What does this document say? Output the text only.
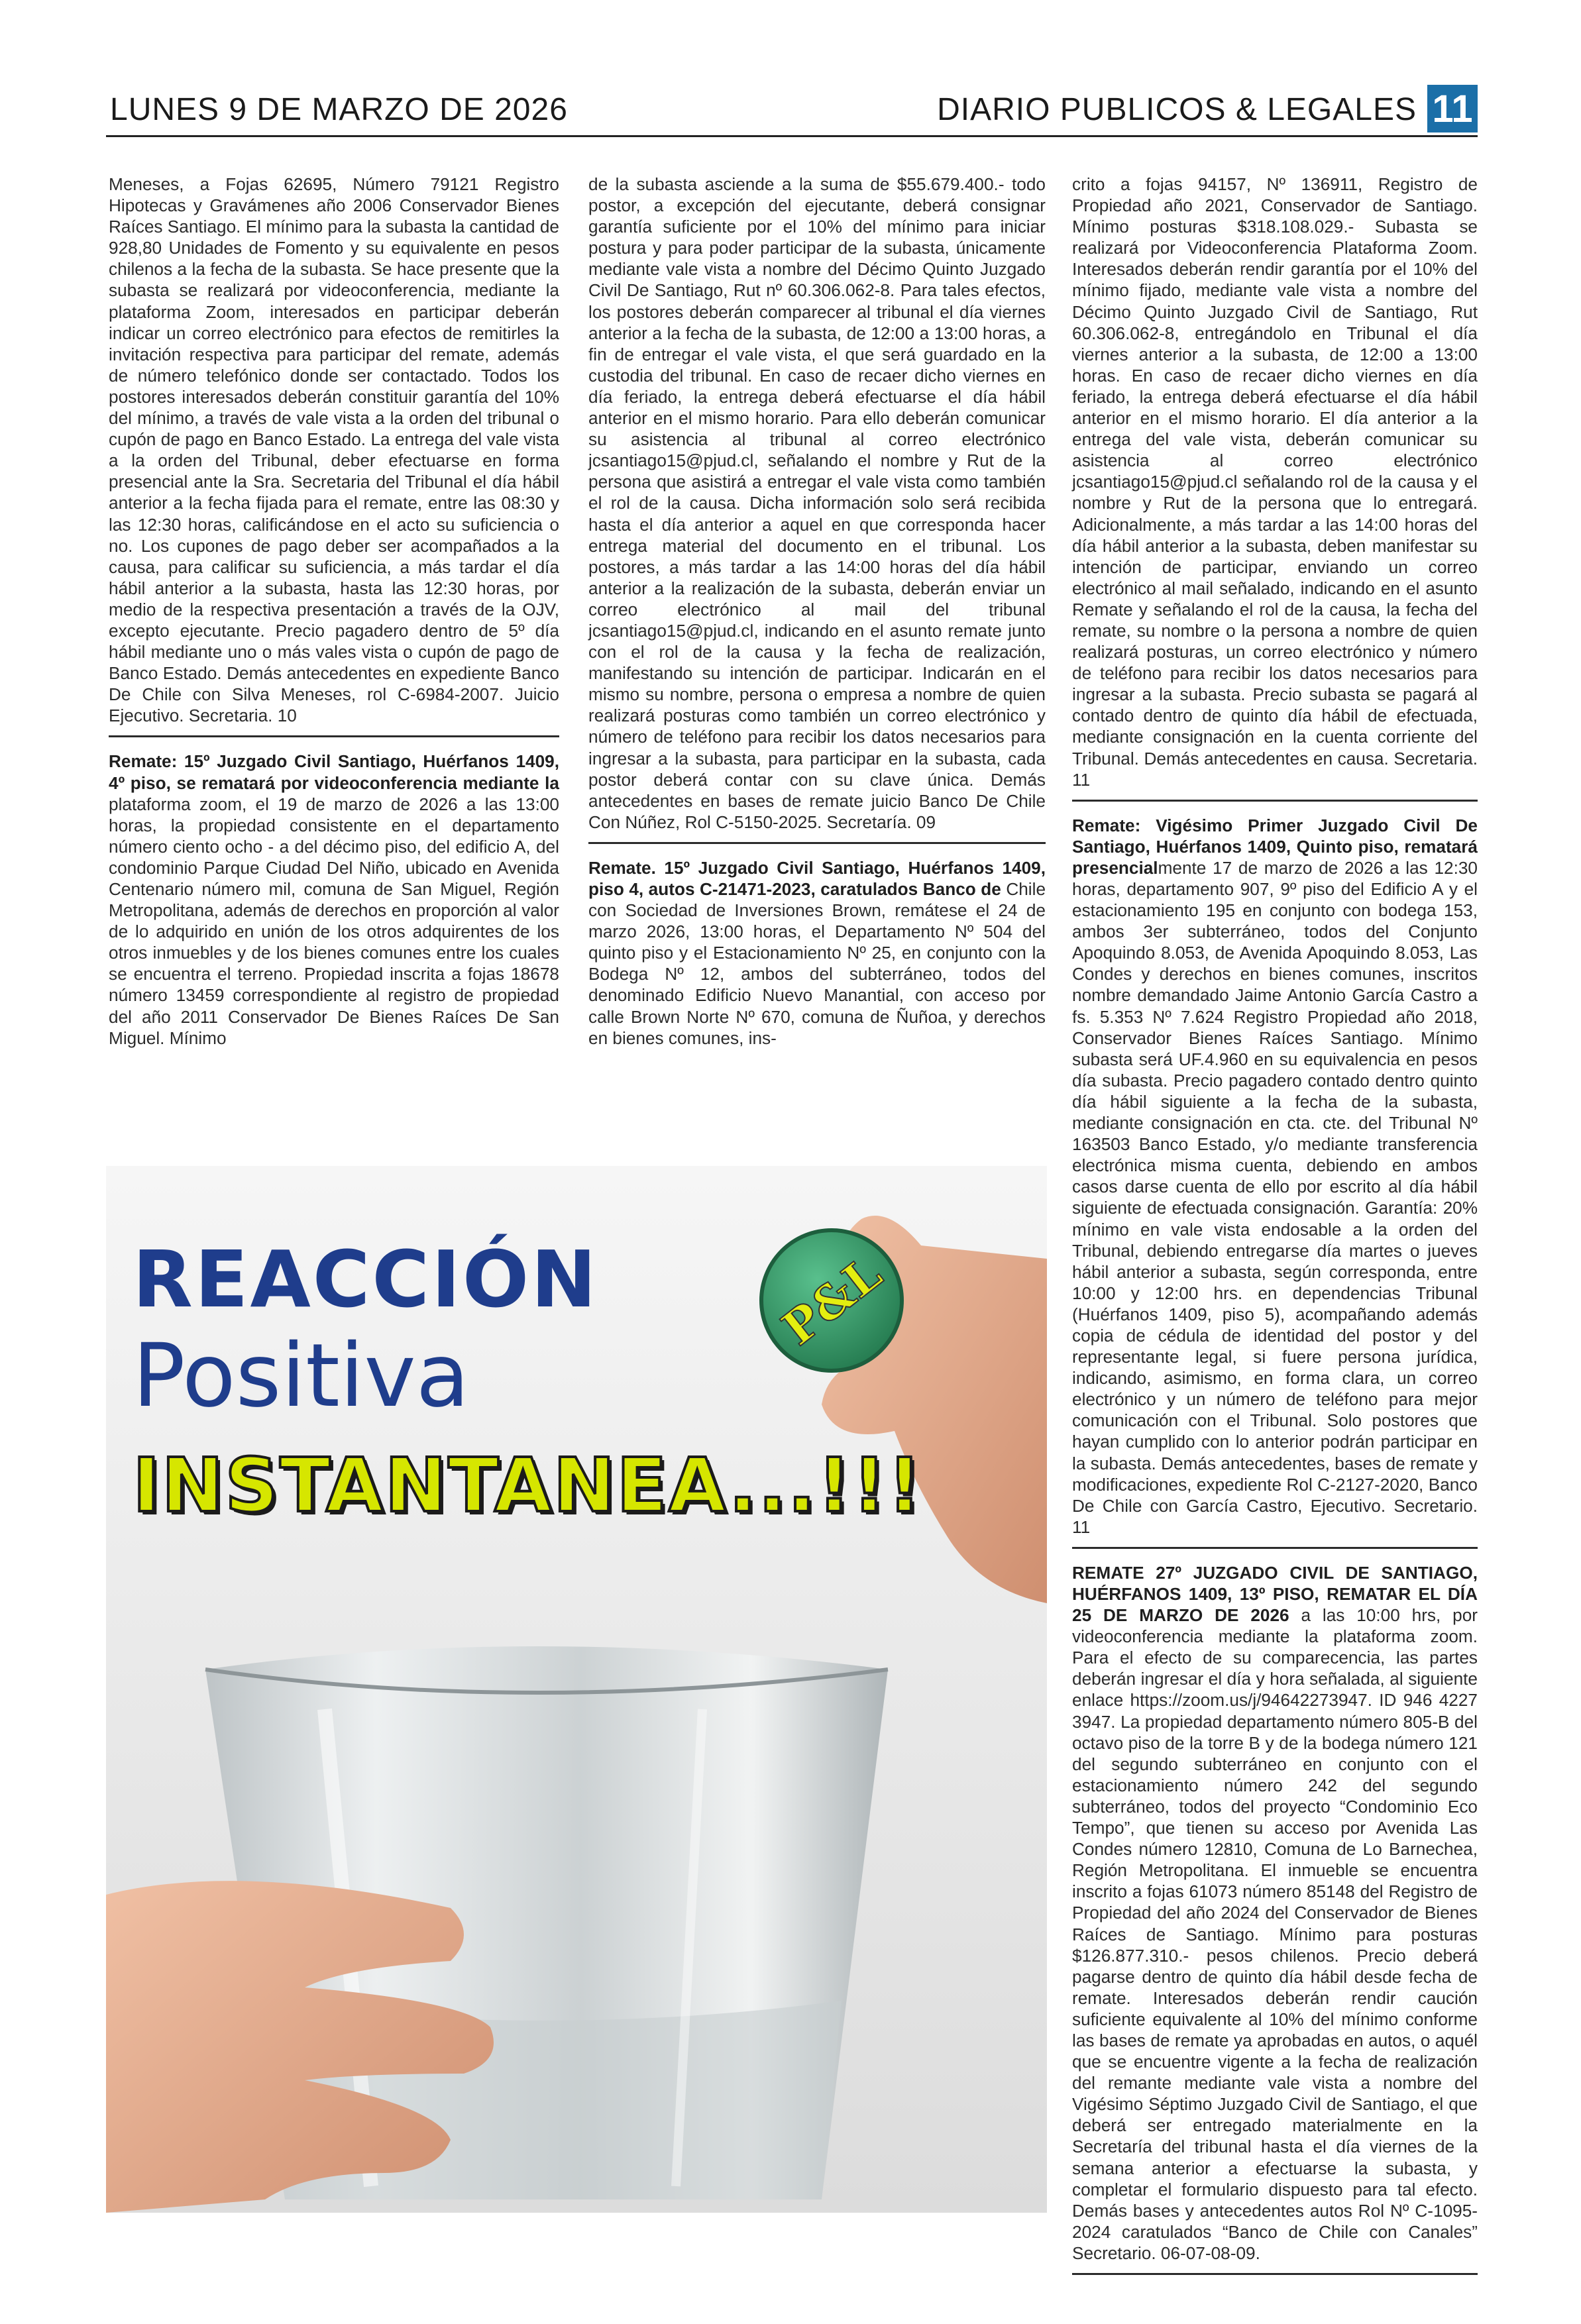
LUNES 9 DE MARZO DE 2026	DIARIO PUBLICOS & LEGALES 11

Meneses, a Fojas 62695, Número 79121 Registro Hipotecas y Gravámenes año 2006 Conservador Bienes Raíces Santiago. El mínimo para la subasta la cantidad de 928,80 Unidades de Fomento y su equivalente en pesos chilenos a la fecha de la subasta. Se hace presente que la subasta se realizará por videoconferencia, mediante la plataforma Zoom, interesados en participar deberán indicar un correo electrónico para efectos de remitirles la invitación respectiva para participar del remate, además de número telefónico donde ser contactado. Todos los postores interesados deberán constituir garantía del 10% del mínimo, a través de vale vista a la orden del tribunal o cupón de pago en Banco Estado. La entrega del vale vista a la orden del Tribunal, deber efectuarse en forma presencial ante la Sra. Secretaria del Tribunal el día hábil anterior a la fecha fijada para el remate, entre las 08:30 y las 12:30 horas, calificándose en el acto su suficiencia o no. Los cupones de pago deber ser acompañados a la causa, para calificar su suficiencia, a más tardar el día hábil anterior a la subasta, hasta las 12:30 horas, por medio de la respectiva presentación a través de la OJV, excepto ejecutante. Precio pagadero dentro de 5º día hábil mediante uno o más vales vista o cupón de pago de Banco Estado. Demás antecedentes en expediente Banco De Chile con Silva Meneses, rol C-6984-2007. Juicio Ejecutivo. Secretaria. 10

Remate: 15º Juzgado Civil Santiago, Huérfanos 1409, 4º piso, se rematará por videoconferencia mediante la plataforma zoom, el 19 de marzo de 2026 a las 13:00 horas, la propiedad consistente en el departamento número ciento ocho - a del décimo piso, del edificio A, del condominio Parque Ciudad Del Niño, ubicado en Avenida Centenario número mil, comuna de San Miguel, Región Metropolitana, además de derechos en proporción al valor de lo adquirido en unión de los otros adquirentes de los otros inmuebles y de los bienes comunes entre los cuales se encuentra el terreno. Propiedad inscrita a fojas 18678 número 13459 correspondiente al registro de propiedad del año 2011 Conservador De Bienes Raíces De San Miguel. Mínimo

de la subasta asciende a la suma de $55.679.400.- todo postor, a excepción del ejecutante, deberá consignar garantía suficiente por el 10% del mínimo para iniciar postura y para poder participar de la subasta, únicamente mediante vale vista a nombre del Décimo Quinto Juzgado Civil De Santiago, Rut nº 60.306.062-8. Para tales efectos, los postores deberán comparecer al tribunal el día viernes anterior a la fecha de la subasta, de 12:00 a 13:00 horas, a fin de entregar el vale vista, el que será guardado en la custodia del tribunal. En caso de recaer dicho viernes en día feriado, la entrega deberá efectuarse el día hábil anterior en el mismo horario. Para ello deberán comunicar su asistencia al tribunal al correo electrónico jcsantiago15@pjud.cl, señalando el nombre y Rut de la persona que asistirá a entregar el vale vista como también el rol de la causa. Dicha información solo será recibida hasta el día anterior a aquel en que corresponda hacer entrega material del documento en el tribunal. Los postores, a más tardar a las 14:00 horas del día hábil anterior a la realización de la subasta, deberán enviar un correo electrónico al mail del tribunal jcsantiago15@pjud.cl, indicando en el asunto remate junto con el rol de la causa y la fecha de realización, manifestando su intención de participar. Indicarán en el mismo su nombre, persona o empresa a nombre de quien realizará posturas como también un correo electrónico y número de teléfono para recibir los datos necesarios para ingresar a la subasta, para participar en la subasta, cada postor deberá contar con su clave única. Demás antecedentes en bases de remate juicio Banco De Chile Con Núñez, Rol C-5150-2025. Secretaría. 09

Remate. 15º Juzgado Civil Santiago, Huérfanos 1409, piso 4, autos C-21471-2023, caratulados Banco de Chile con Sociedad de Inversiones Brown, remátese el 24 de marzo 2026, 13:00 horas, el Departamento Nº 504 del quinto piso y el Estacionamiento Nº 25, en conjunto con la Bodega Nº 12, ambos del subterráneo, todos del denominado Edificio Nuevo Manantial, con acceso por calle Brown Norte Nº 670, comuna de Ñuñoa, y derechos en bienes comunes, ins-

crito a fojas 94157, Nº 136911, Registro de Propiedad año 2021, Conservador de Santiago. Mínimo posturas $318.108.029.- Subasta se realizará por Videoconferencia Plataforma Zoom. Interesados deberán rendir garantía por el 10% del mínimo fijado, mediante vale vista a nombre del Décimo Quinto Juzgado Civil de Santiago, Rut 60.306.062-8, entregándolo en Tribunal el día viernes anterior a la subasta, de 12:00 a 13:00 horas. En caso de recaer dicho viernes en día feriado, la entrega deberá efectuarse el día hábil anterior en el mismo horario. El día anterior a la entrega del vale vista, deberán comunicar su asistencia al correo electrónico jcsantiago15@pjud.cl señalando rol de la causa y el nombre y Rut de la persona que lo entregará. Adicionalmente, a más tardar a las 14:00 horas del día hábil anterior a la subasta, deben manifestar su intención de participar, enviando un correo electrónico al mail señalado, indicando en el asunto Remate y señalando el rol de la causa, la fecha del remate, su nombre o la persona a nombre de quien realizará posturas, un correo electrónico y número de teléfono para recibir los datos necesarios para ingresar a la subasta. Precio subasta se pagará al contado dentro de quinto día hábil de efectuada, mediante consignación en la cuenta corriente del Tribunal. Demás antecedentes en causa. Secretaria. 11

Remate: Vigésimo Primer Juzgado Civil De Santiago, Huérfanos 1409, Quinto piso, rematará presencialmente 17 de marzo de 2026 a las 12:30 horas, departamento 907, 9º piso del Edificio A y el estacionamiento 195 en conjunto con bodega 153, ambos 3er subterráneo, todos del Conjunto Apoquindo 8.053, de Avenida Apoquindo 8.053, Las Condes y derechos en bienes comunes, inscritos nombre demandado Jaime Antonio García Castro a fs. 5.353 Nº 7.624 Registro Propiedad año 2018, Conservador Bienes Raíces Santiago. Mínimo subasta será UF.4.960 en su equivalencia en pesos día subasta. Precio pagadero contado dentro quinto día hábil siguiente a la fecha de la subasta, mediante consignación en cta. cte. del Tribunal Nº 163503 Banco Estado, y/o mediante transferencia electrónica misma cuenta, debiendo en ambos casos darse cuenta de ello por escrito al día hábil siguiente de efectuada consignación. Garantía: 20% mínimo en vale vista endosable a la orden del Tribunal, debiendo entregarse día martes o jueves hábil anterior a subasta, según corresponda, entre 10:00 y 12:00 hrs. en dependencias Tribunal (Huérfanos 1409, piso 5), acompañando además copia de cédula de identidad del postor y del representante legal, si fuere persona jurídica, indicando, asimismo, en forma clara, un correo electrónico y un número de teléfono para mejor comunicación con el Tribunal. Solo postores que hayan cumplido con lo anterior podrán participar en la subasta. Demás antecedentes, bases de remate y modificaciones, expediente Rol C-2127-2020, Banco De Chile con García Castro, Ejecutivo. Secretario. 11

REMATE 27º JUZGADO CIVIL DE SANTIAGO, HUÉRFANOS 1409, 13º PISO, REMATAR EL DÍA 25 DE MARZO DE 2026 a las 10:00 hrs, por videoconferencia mediante la plataforma zoom. Para el efecto de su comparecencia, las partes deberán ingresar el día y hora señalada, al siguiente enlace https://zoom.us/j/94642273947. ID 946 4227 3947. La propiedad departamento número 805-B del octavo piso de la torre B y de la bodega número 121 del segundo subterráneo en conjunto con el estacionamiento número 242 del segundo subterráneo, todos del proyecto “Condominio Eco Tempo”, que tienen su acceso por Avenida Las Condes número 12810, Comuna de Lo Barnechea, Región Metropolitana. El inmueble se encuentra inscrito a fojas 61073 número 85148 del Registro de Propiedad del año 2024 del Conservador de Bienes Raíces de Santiago. Mínimo para posturas $126.877.310.- pesos chilenos. Precio deberá pagarse dentro de quinto día hábil desde fecha de remate. Interesados deberán rendir caución suficiente equivalente al 10% del mínimo conforme las bases de remate ya aprobadas en autos, o aquél que se encuentre vigente a la fecha de realización del remante mediante vale vista a nombre del Vigésimo Séptimo Juzgado Civil de Santiago, el que deberá ser entregado materialmente en la Secretaría del tribunal hasta el día viernes de la semana anterior a efectuarse la subasta, y completar el formulario dispuesto para tal efecto. Demás bases y antecedentes autos Rol Nº C-1095-2024 caratulados “Banco de Chile con Canales” Secretario. 06-07-08-09.

P&L
REACCIÓN
Positiva
INSTANTANEA...!!!
